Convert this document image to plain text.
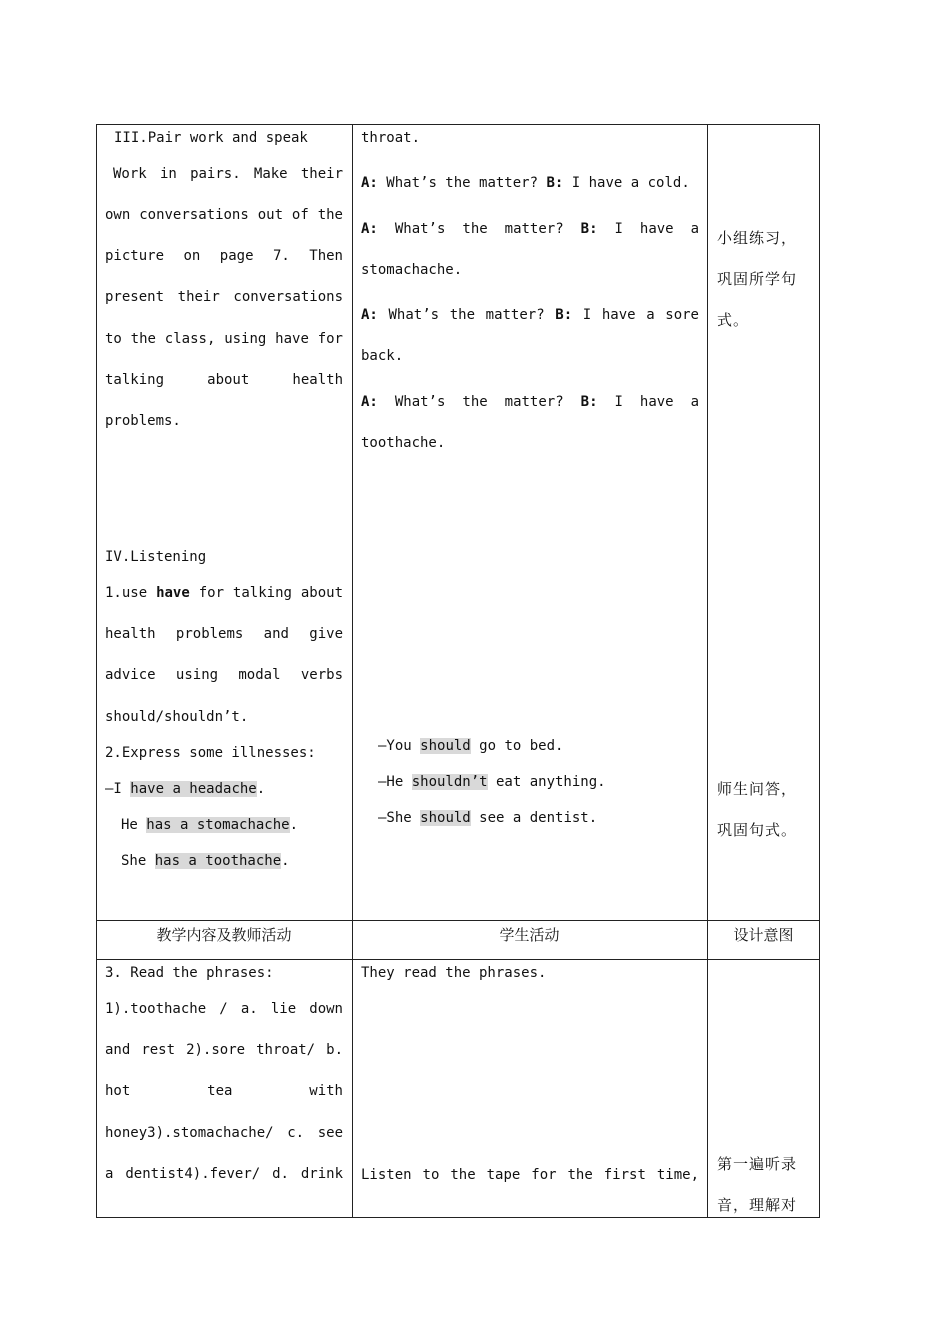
III.Pair work and speak
Work in pairs. Make their
own conversations out of the
picture on page 7. Then
present their conversations
to the class, using have for
talking about health
problems.
IV.Listening
1.use have for talking about
health problems and give
advice using modal verbs
should/shouldn’t.
2.Express some illnesses:
—I have a headache.
He has a stomachache.
She has a toothache.
throat.
A: What’s the matter? B: I have a cold.
A: What’s the matter? B: I have a
stomachache.
A: What’s the matter? B: I have a sore
back.
A: What’s the matter? B: I have a
toothache.
—You should go to bed.
—He shouldn’t eat anything.
—She should see a dentist.
小组练习，
巩固所学句
式。
师生问答，
巩固句式。
教学内容及教师活动	学生活动	设计意图
3. Read the phrases:
1).toothache / a. lie down
and rest 2).sore throat/ b.
hot tea with
honey3).stomachache/ c. see
a dentist4).fever/ d. drink
They read the phrases.
Listen to the tape for the first time,
第一遍听录
音，理解对
